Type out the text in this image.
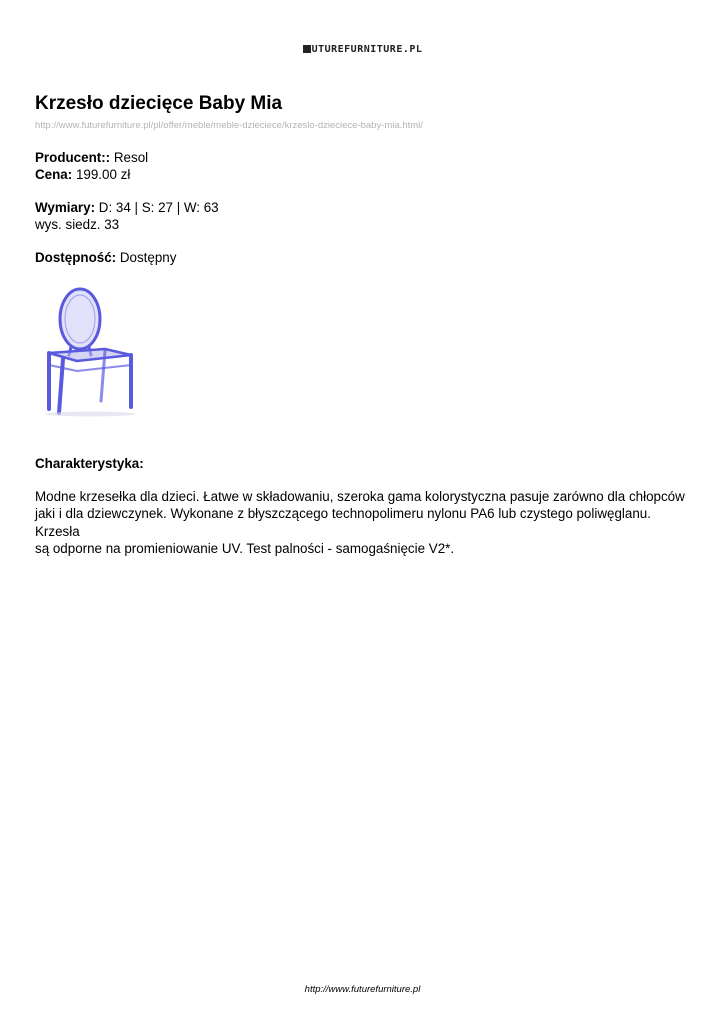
UTUREFURNITURE.PL
Krzesło dziecięce Baby Mia
http://www.futurefurniture.pl/pl/offer/meble/meble-dzieciece/krzeslo-dzieciece-baby-mia.html/
Producent:: Resol
Cena: 199.00 zł
Wymiary: D: 34 | S: 27 | W: 63
wys. siedz. 33
Dostępność: Dostępny
Charakterystyka:
Modne krzesełka dla dzieci. Łatwe w składowaniu, szeroka gama kolorystyczna pasuje zarówno dla chłopców
jaki i dla dziewczynek. Wykonane z błyszczącego technopolimeru nylonu PA6 lub czystego poliwęglanu. Krzesła
są odporne na promieniowanie UV. Test palności - samogaśnięcie V2*.
http://www.futurefurniture.pl
